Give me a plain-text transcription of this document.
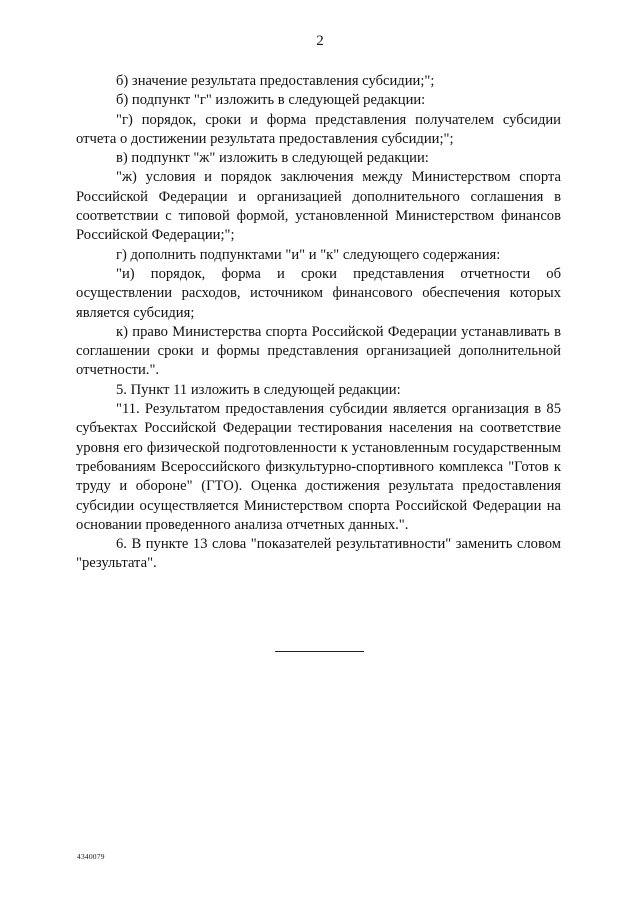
2

б) значение результата предоставления субсидии;";

б) подпункт "г" изложить в следующей редакции:

"г) порядок, сроки и форма представления получателем субсидии отчета о достижении результата предоставления субсидии;";

в) подпункт "ж" изложить в следующей редакции:

"ж) условия и порядок заключения между Министерством спорта Российской Федерации и организацией дополнительного соглашения в соответствии с типовой формой, установленной Министерством финансов Российской Федерации;";

г) дополнить подпунктами "и" и "к" следующего содержания:

"и) порядок, форма и сроки представления отчетности об осуществлении расходов, источником финансового обеспечения которых является субсидия;

к) право Министерства спорта Российской Федерации устанавливать в соглашении сроки и формы представления организацией дополнительной отчетности.".

5. Пункт 11 изложить в следующей редакции:

"11. Результатом предоставления субсидии является организация в 85 субъектах Российской Федерации тестирования населения на соответствие уровня его физической подготовленности к установленным государственным требованиям Всероссийского физкультурно-спортивного комплекса "Готов к труду и обороне" (ГТО). Оценка достижения результата предоставления субсидии осуществляется Министерством спорта Российской Федерации на основании проведенного анализа отчетных данных.".

6. В пункте 13 слова "показателей результативности" заменить словом "результата".

4340079
